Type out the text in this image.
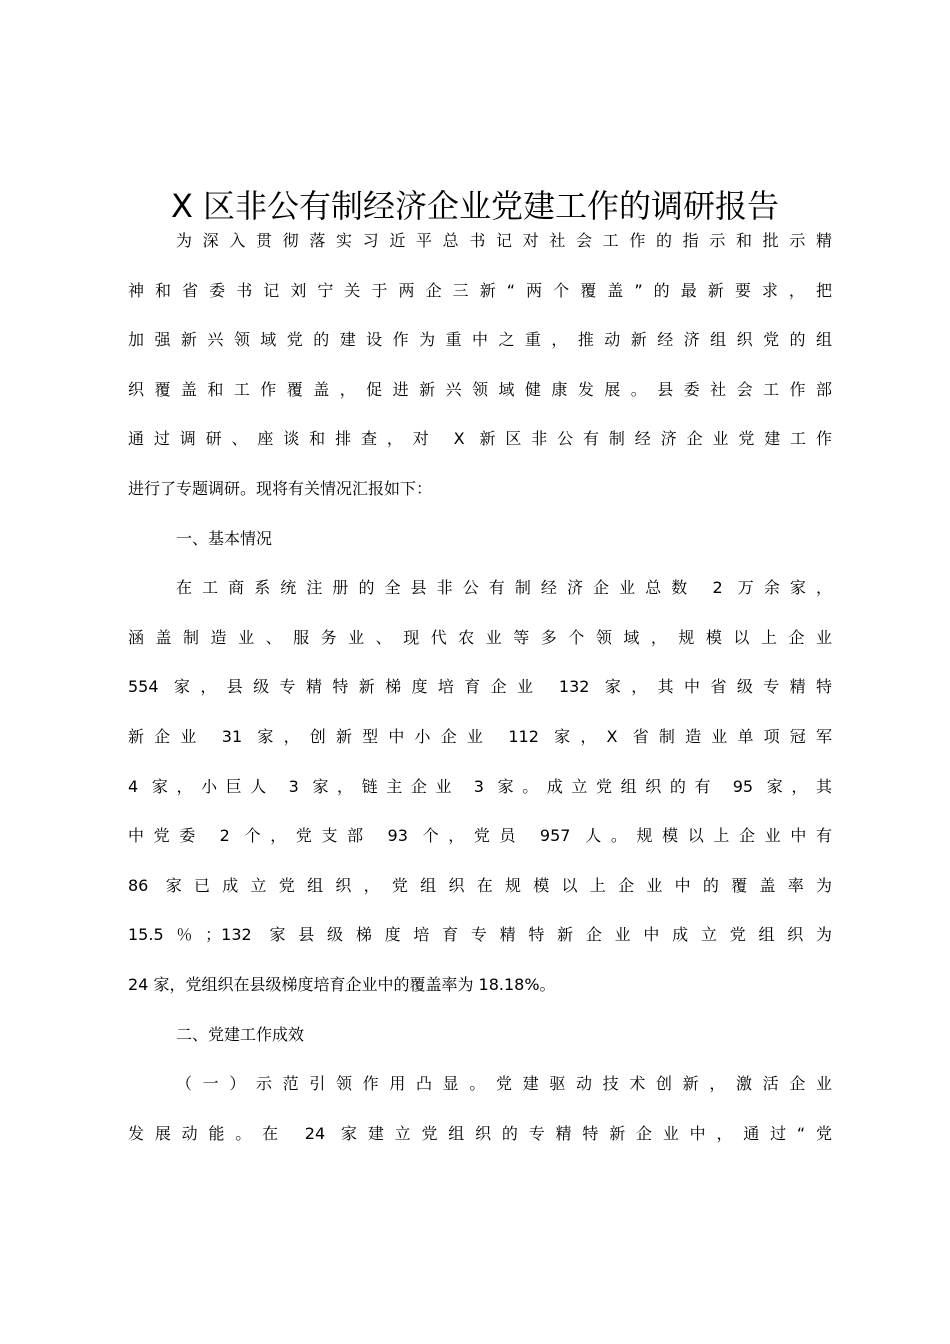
X 区非公有制经济企业党建工作的调研报告
为深入贯彻落实习近平总书记对社会工作的指示和批示精
神和省委书记刘宁关于两企三新“两个覆盖”的最新要求，把
加强新兴领域党的建设作为重中之重，推动新经济组织党的组
织覆盖和工作覆盖，促进新兴领域健康发展。县委社会工作部
通过调研、座谈和排查，对 X 新区非公有制经济企业党建工作
进行了专题调研。现将有关情况汇报如下：
一、基本情况
在工商系统注册的全县非公有制经济企业总数 2 万余家，
涵盖制造业、服务业、现代农业等多个领域，规模以上企业
554 家，县级专精特新梯度培育企业 132 家，其中省级专精特
新企业 31 家，创新型中小企业 112 家，X 省制造业单项冠军
4 家，小巨人 3 家，链主企业 3 家。成立党组织的有 95 家，其
中党委 2 个，党支部 93 个，党员 957 人。规模以上企业中有
86 家已成立党组织，党组织在规模以上企业中的覆盖率为
15.5％；132 家县级梯度培育专精特新企业中成立党组织为
24 家，党组织在县级梯度培育企业中的覆盖率为 18.18%。
二、党建工作成效
（一）示范引领作用凸显。党建驱动技术创新，激活企业
发展动能。在 24 家建立党组织的专精特新企业中，通过“党
